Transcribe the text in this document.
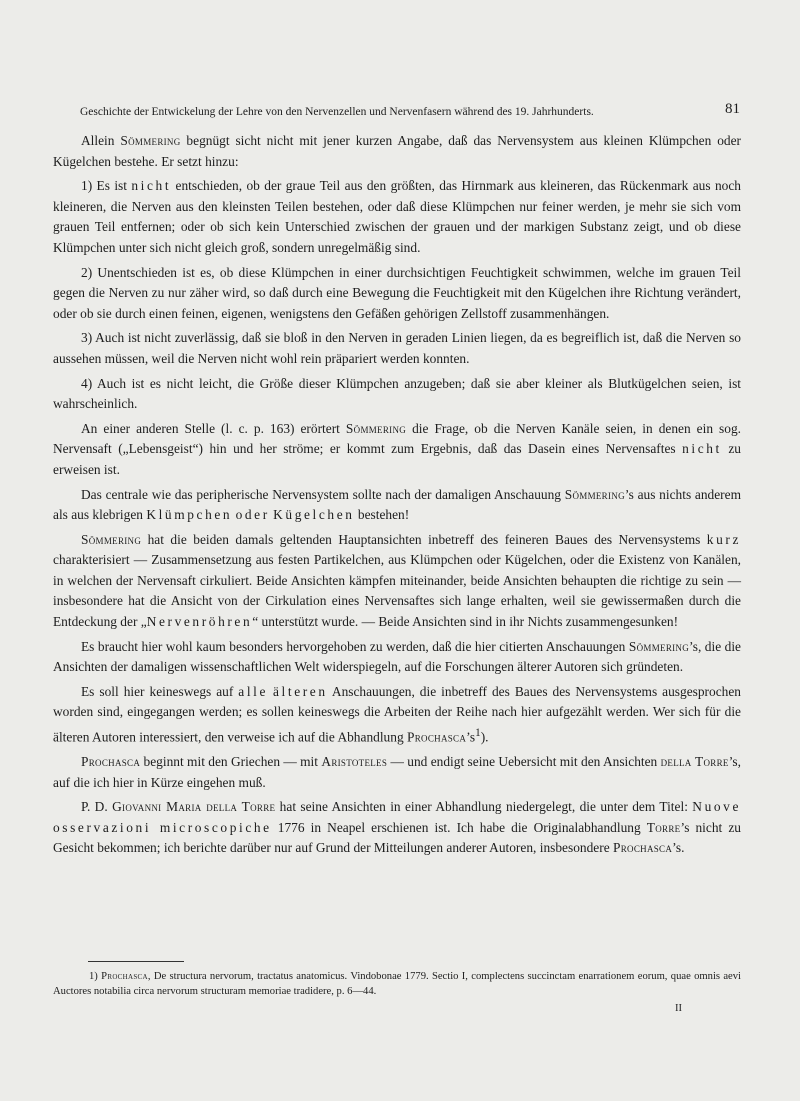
Geschichte der Entwickelung der Lehre von den Nervenzellen und Nervenfasern während des 19. Jahrhunderts.	81

Allein Sömmering begnügt sicht nicht mit jener kurzen Angabe, daß das Nervensystem aus kleinen Klümpchen oder Kügelchen bestehe. Er setzt hinzu:

1) Es ist nicht entschieden, ob der graue Teil aus den größten, das Hirnmark aus kleineren, das Rückenmark aus noch kleineren, die Nerven aus den kleinsten Teilen bestehen, oder daß diese Klümpchen nur feiner werden, je mehr sie sich vom grauen Teil entfernen; oder ob sich kein Unterschied zwischen der grauen und der markigen Substanz zeigt, und ob diese Klümpchen unter sich nicht gleich groß, sondern unregelmäßig sind.

2) Unentschieden ist es, ob diese Klümpchen in einer durchsichtigen Feuchtigkeit schwimmen, welche im grauen Teil gegen die Nerven zu nur zäher wird, so daß durch eine Bewegung die Feuchtigkeit mit den Kügelchen ihre Richtung verändert, oder ob sie durch einen feinen, eigenen, wenigstens den Gefäßen gehörigen Zellstoff zusammenhängen.

3) Auch ist nicht zuverlässig, daß sie bloß in den Nerven in geraden Linien liegen, da es begreiflich ist, daß die Nerven so aussehen müssen, weil die Nerven nicht wohl rein präpariert werden konnten.

4) Auch ist es nicht leicht, die Größe dieser Klümpchen anzugeben; daß sie aber kleiner als Blutkügelchen seien, ist wahrscheinlich.

An einer anderen Stelle (l. c. p. 163) erörtert Sömmering die Frage, ob die Nerven Kanäle seien, in denen ein sog. Nervensaft („Lebensgeist“) hin und her ströme; er kommt zum Ergebnis, daß das Dasein eines Nervensaftes nicht zu erweisen ist.

Das centrale wie das peripherische Nervensystem sollte nach der damaligen Anschauung Sömmering’s aus nichts anderem als aus klebrigen Klümpchen oder Kügelchen bestehen!

Sömmering hat die beiden damals geltenden Hauptansichten inbetreff des feineren Baues des Nervensystems kurz charakterisiert — Zusammensetzung aus festen Partikelchen, aus Klümpchen oder Kügelchen, oder die Existenz von Kanälen, in welchen der Nervensaft cirkuliert. Beide Ansichten kämpfen miteinander, beide Ansichten behaupten die richtige zu sein — insbesondere hat die Ansicht von der Cirkulation eines Nervensaftes sich lange erhalten, weil sie gewissermaßen durch die Entdeckung der „Nervenröhren“ unterstützt wurde. — Beide Ansichten sind in ihr Nichts zusammengesunken!

Es braucht hier wohl kaum besonders hervorgehoben zu werden, daß die hier citierten Anschauungen Sömmering’s, die die Ansichten der damaligen wissenschaftlichen Welt widerspiegeln, auf die Forschungen älterer Autoren sich gründeten.

Es soll hier keineswegs auf alle älteren Anschauungen, die inbetreff des Baues des Nervensystems ausgesprochen worden sind, eingegangen werden; es sollen keineswegs die Arbeiten der Reihe nach hier aufgezählt werden. Wer sich für die älteren Autoren interessiert, den verweise ich auf die Abhandlung $Prochasca’s^1$).

Prochasca beginnt mit den Griechen — mit Aristoteles — und endigt seine Uebersicht mit den Ansichten della Torre’s, auf die ich hier in Kürze eingehen muß.

P. D. Giovanni Maria della Torre hat seine Ansichten in einer Abhandlung niedergelegt, die unter dem Titel: Nuove osservazioni microscopiche 1776 in Neapel erschienen ist. Ich habe die Originalabhandlung Torre’s nicht zu Gesicht bekommen; ich berichte darüber nur auf Grund der Mitteilungen anderer Autoren, insbesondere Prochasca’s.

1) Prochasca, De structura nervorum, tractatus anatomicus. Vindobonae 1779. Sectio I, complectens succinctam enarrationem eorum, quae omnis aevi Auctores notabilia circa nervorum structuram memoriae tradidere, p. 6—44.

II
